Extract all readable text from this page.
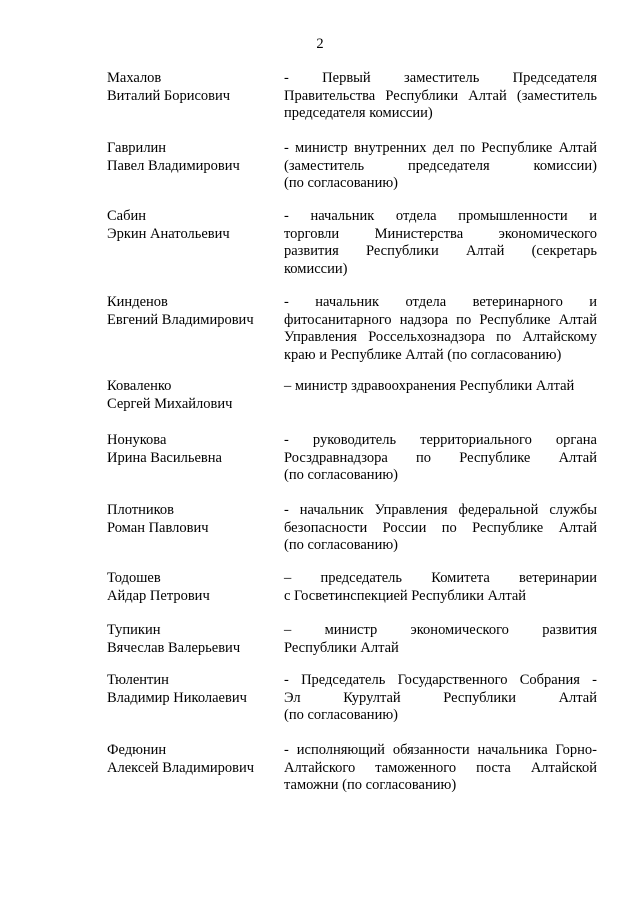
2
Махалов
Виталий Борисович
- Первый заместитель Председателя
Правительства Республики Алтай (заместитель
председателя комиссии)
Гаврилин
Павел Владимирович
- министр внутренних дел по Республике Алтай
(заместитель председателя комиссии)
(по согласованию)
Сабин
Эркин Анатольевич
- начальник отдела промышленности и
торговли Министерства экономического
развития Республики Алтай (секретарь
комиссии)
Кинденов
Евгений Владимирович
- начальник отдела ветеринарного и
фитосанитарного надзора по Республике Алтай
Управления Россельхознадзора по Алтайскому
краю и Республике Алтай (по согласованию)
Коваленко
Сергей Михайлович
– министр здравоохранения Республики Алтай
Нонукова
Ирина Васильевна
- руководитель территориального органа
Росздравнадзора по Республике Алтай
(по согласованию)
Плотников
Роман Павлович
- начальник Управления федеральной службы
безопасности России по Республике Алтай
(по согласованию)
Тодошев
Айдар Петрович
– председатель Комитета ветеринарии
с Госветинспекцией Республики Алтай
Тупикин
Вячеслав Валерьевич
– министр экономического развития
Республики Алтай
Тюлентин
Владимир Николаевич
- Председатель Государственного Собрания -
Эл Курултай Республики Алтай
(по согласованию)
Федюнин
Алексей Владимирович
- исполняющий обязанности начальника Горно-
Алтайского таможенного поста Алтайской
таможни (по согласованию)
